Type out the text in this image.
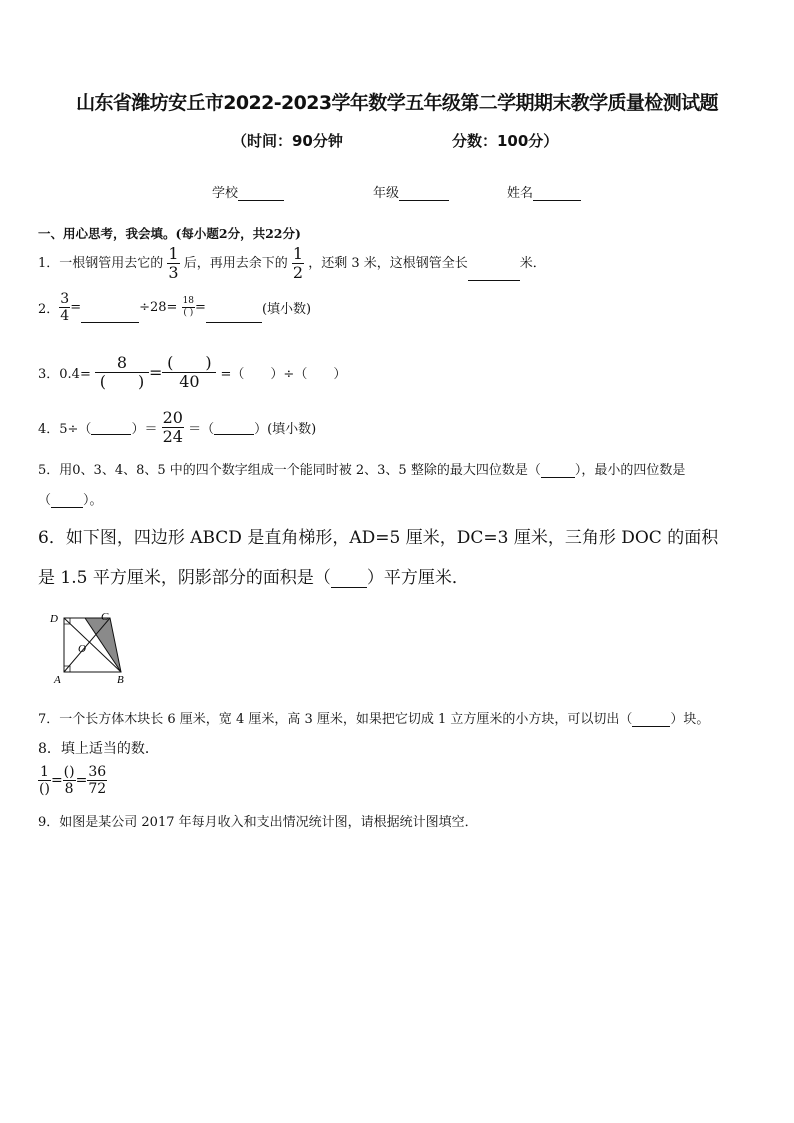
山东省潍坊安丘市2022-2023学年数学五年级第二学期期末教学质量检测试题
（时间：90分钟	分数：100分）
学校	年级	姓名
一、用心思考，我会填。(每小题2分，共22分)
1．一根钢管用去它的 $\frac{1}{3}$ 后，再用去余下的 $\frac{1}{2}$ ，还剩 3 米，这根钢管全长	米．
2． $\frac{3}{4}$ =	$\div 28= \frac{18}{( )}$ =	(填小数)
3．$0.4= \frac{8}{( )} = \frac{( )}{40}$ =（　　）÷（　　）
4．5÷（	）＝ $\frac{20}{24}$ ＝（	）(填小数)
5．用0、3、4、8、5 中的四个数字组成一个能同时被 2、3、5 整除的最大四位数是（	），最小的四位数是
（ ）。
6．如下图，四边形 ABCD 是直角梯形，AD=5 厘米，DC=3 厘米，三角形 DOC 的面积
是 1.5 平方厘米，阴影部分的面积是（ ）平方厘米．
D	C
O
A	B
7．一个长方体木块长 6 厘米，宽 4 厘米，高 3 厘米，如果把它切成 1 立方厘米的小方块，可以切出（	）块。
8．填上适当的数．
$\frac{1}{()} = \frac{()}{8} = \frac{36}{72}$
9．如图是某公司 2017 年每月收入和支出情况统计图，请根据统计图填空．
